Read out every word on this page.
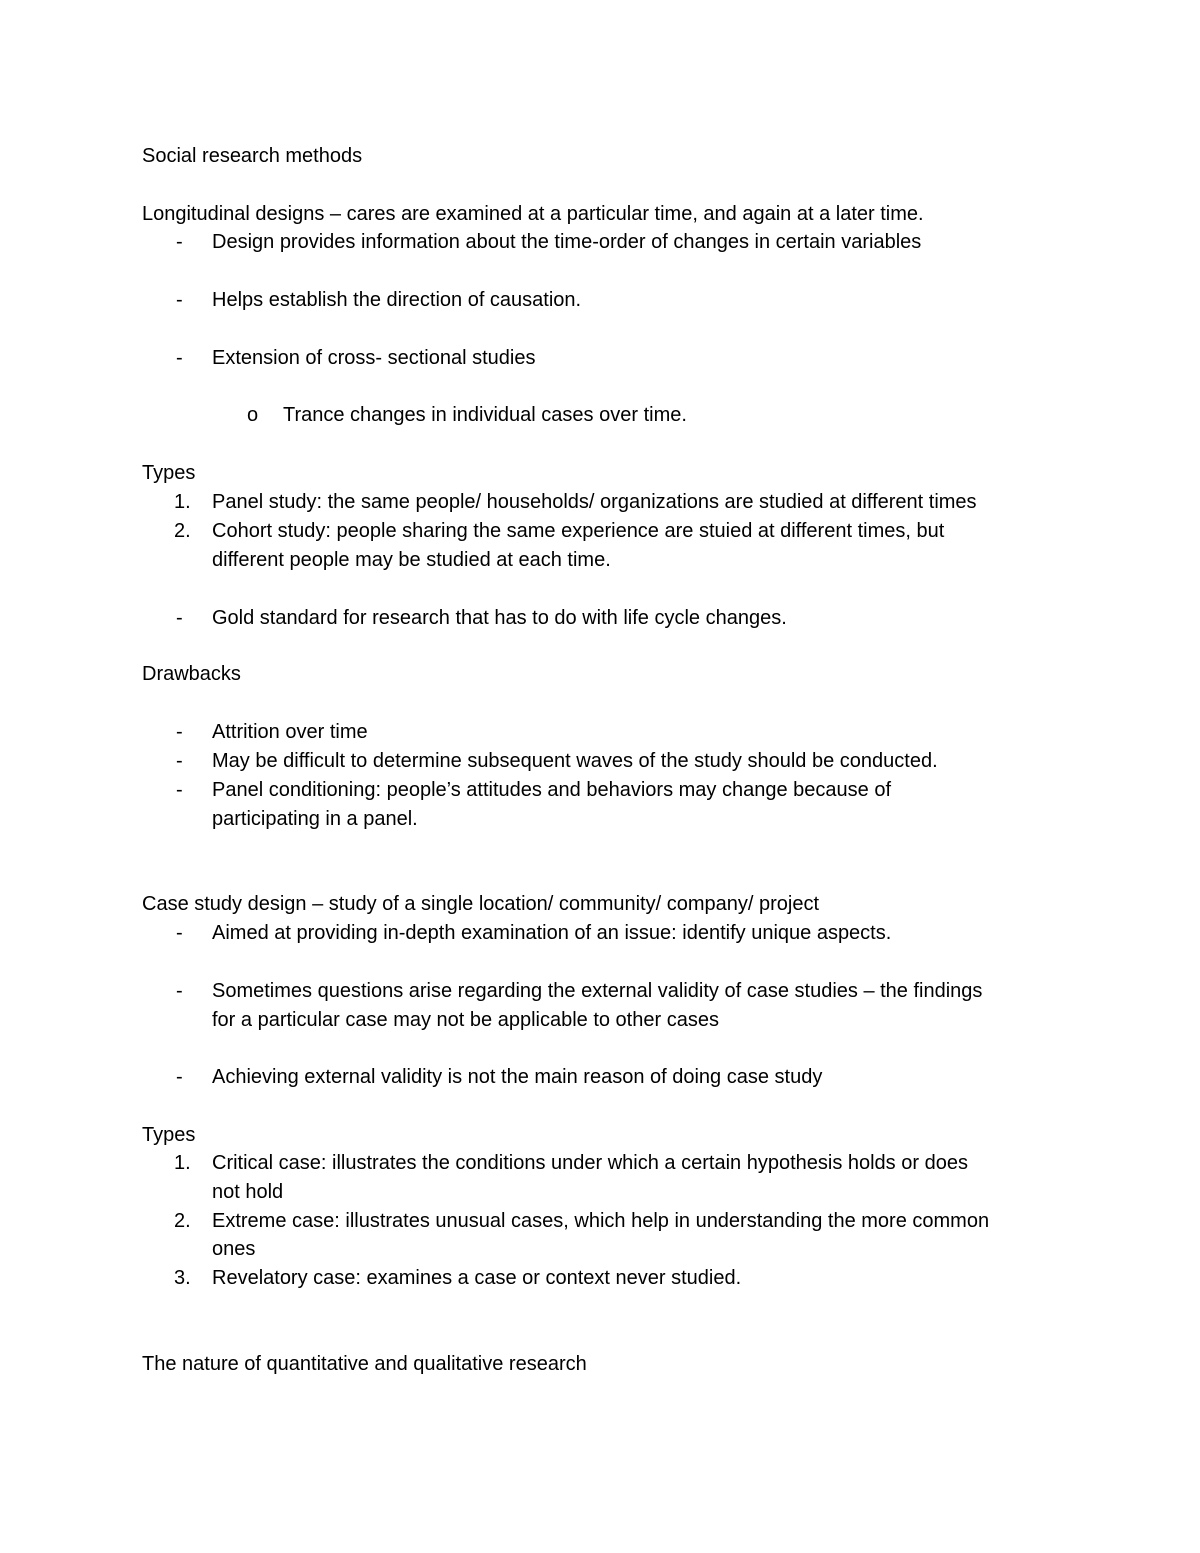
Social research methods
Longitudinal designs – cares are examined at a particular time, and again at a later time.
- Design provides information about the time-order of changes in certain variables
- Helps establish the direction of causation.
- Extension of cross- sectional studies
o Trance changes in individual cases over time.
Types
1. Panel study: the same people/ households/ organizations are studied at different times
2. Cohort study: people sharing the same experience are stuied at different times, but
different people may be studied at each time.
- Gold standard for research that has to do with life cycle changes.
Drawbacks
- Attrition over time
- May be difficult to determine subsequent waves of the study should be conducted.
- Panel conditioning: people’s attitudes and behaviors may change because of
participating in a panel.
Case study design – study of a single location/ community/ company/ project
- Aimed at providing in-depth examination of an issue: identify unique aspects.
- Sometimes questions arise regarding the external validity of case studies – the findings
for a particular case may not be applicable to other cases
- Achieving external validity is not the main reason of doing case study
Types
1. Critical case: illustrates the conditions under which a certain hypothesis holds or does
not hold
2. Extreme case: illustrates unusual cases, which help in understanding the more common
ones
3. Revelatory case: examines a case or context never studied.
The nature of quantitative and qualitative research
